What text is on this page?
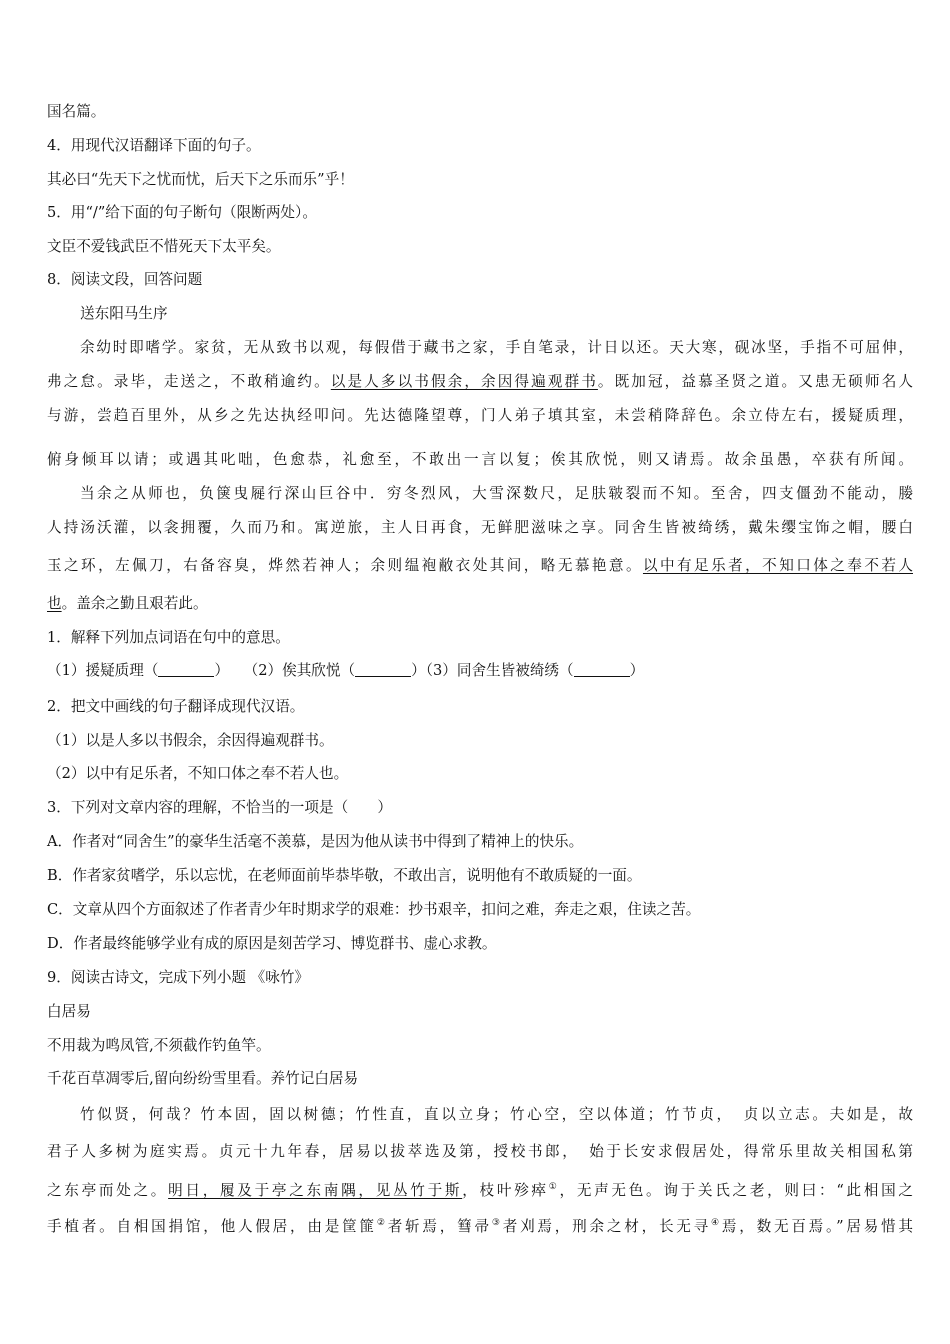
国名篇。
4．用现代汉语翻译下面的句子。
其必曰“先天下之忧而忧，后天下之乐而乐”乎！
5．用“/”给下面的句子断句（限断两处）。
文臣不爱钱武臣不惜死天下太平矣。
8．阅读文段，回答问题
送东阳马生序
余幼时即嗜学。家贫，无从致书以观，每假借于藏书之家，手自笔录，计日以还。天大寒，砚冰坚，手指不可屈伸，
弗之怠。录毕，走送之，不敢稍逾约。以是人多以书假余，余因得遍观群书。既加冠，益慕圣贤之道。又患无硕师名人
与游，尝趋百里外，从乡之先达执经叩问。先达德隆望尊，门人弟子填其室，未尝稍降辞色。余立侍左右，援疑质理，
俯身倾耳以请；或遇其叱咄，色愈恭，礼愈至，不敢出一言以复；俟其欣悦，则又请焉。故余虽愚，卒获有所闻。
当余之从师也，负箧曳屣行深山巨谷中．穷冬烈风，大雪深数尺，足肤皲裂而不知。至舍，四支僵劲不能动，媵
人持汤沃灌，以衾拥覆，久而乃和。寓逆旅，主人日再食，无鲜肥滋味之享。同舍生皆被绮绣，戴朱缨宝饰之帽，腰白
玉之环，左佩刀，右备容臭，烨然若神人；余则缊袍敝衣处其间，略无慕艳意。以中有足乐者，不知口体之奉不若人
也。盖余之勤且艰若此。
1．解释下列加点词语在句中的意思。
（1）援疑质理（	）　　（2）俟其欣悦（	）（3）同舍生皆被绮绣（	）
2．把文中画线的句子翻译成现代汉语。
（1）以是人多以书假余，余因得遍观群书。
（2）以中有足乐者，不知口体之奉不若人也。
3．下列对文章内容的理解，不恰当的一项是（　　）
A．作者对“同舍生”的豪华生活毫不羡慕，是因为他从读书中得到了精神上的快乐。
B．作者家贫嗜学，乐以忘忧，在老师面前毕恭毕敬，不敢出言，说明他有不敢质疑的一面。
C．文章从四个方面叙述了作者青少年时期求学的艰难：抄书艰辛，扣问之难，奔走之艰，住读之苦。
D．作者最终能够学业有成的原因是刻苦学习、博览群书、虚心求教。
9．阅读古诗文，完成下列小题 《咏竹》
白居易
不用裁为鸣凤管,不须截作钓鱼竿。
千花百草凋零后,留向纷纷雪里看。养竹记白居易
竹似贤，何哉？竹本固，固以树德；竹性直，直以立身；竹心空，空以体道；竹节贞，　贞以立志。夫如是，故
君子人多树为庭实焉。贞元十九年春，居易以拔萃选及第，授校书郎，　始于长安求假居处，得常乐里故关相国私第
之东亭而处之。明日，履及于亭之东南隅，见丛竹于斯，枝叶殄瘁①，无声无色。询于关氏之老，则曰：“此相国之
手植者。自相国捐馆，他人假居，由是筐篚②者斩焉，篲帚③者刈焉，刑余之材，长无寻④焉，数无百焉。”居易惜其
